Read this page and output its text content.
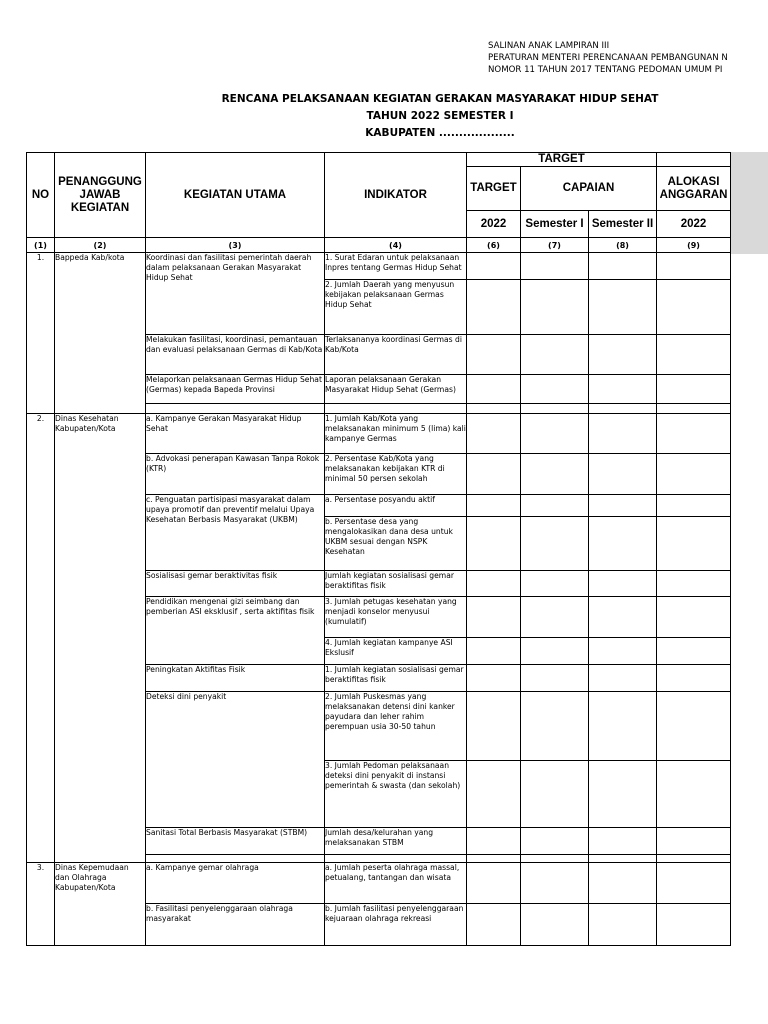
SALINAN ANAK LAMPIRAN III
PERATURAN MENTERI PERENCANAAN PEMBANGUNAN N
NOMOR 11 TAHUN 2017 TENTANG PEDOMAN UMUM PI
RENCANA PELAKSANAAN KEGIATAN GERAKAN MASYARAKAT HIDUP SEHAT
TAHUN 2022 SEMESTER I
KABUPATEN ...................
NO	PENANGGUNG JAWAB KEGIATAN	KEGIATAN UTAMA	INDIKATOR	TARGET			
				TARGET	CAPAIAN		ALOKASI ANGGARAN
				2022	Semester I	Semester II	2022
(1)	(2)	(3)	(4)	(6)	(7)	(8)	(9)
1.	Bappeda Kab/kota	Koordinasi dan fasilitasi pemerintah daerah dalam pelaksanaan Gerakan Masyarakat Hidup Sehat	1. Surat Edaran untuk pelaksanaan Inpres tentang Germas Hidup Sehat				
			2. Jumlah Daerah yang menyusun kebijakan pelaksanaan Germas Hidup Sehat				
		Melakukan fasilitasi, koordinasi, pemantauan dan evaluasi pelaksanaan Germas di Kab/Kota	Terlaksananya koordinasi Germas di Kab/Kota				
		Melaporkan pelaksanaan Germas Hidup Sehat (Germas) kepada Bapeda Provinsi	Laporan pelaksanaan Gerakan Masyarakat Hidup Sehat (Germas)				

2.	Dinas Kesehatan Kabupaten/Kota	a. Kampanye Gerakan Masyarakat Hidup Sehat	1. Jumlah Kab/Kota yang melaksanakan minimum 5 (lima) kali kampanye Germas				
		b. Advokasi penerapan Kawasan Tanpa Rokok (KTR)	2. Persentase Kab/Kota yang melaksanakan kebijakan KTR di minimal 50 persen sekolah				
		c. Penguatan partisipasi masyarakat dalam upaya promotif dan preventif melalui Upaya Kesehatan Berbasis Masyarakat (UKBM)	a. Persentase posyandu aktif				
			b. Persentase desa yang mengalokasikan dana desa untuk UKBM sesuai dengan NSPK Kesehatan				
		Sosialisasi gemar beraktivitas fisik	Jumlah kegiatan sosialisasi gemar beraktifitas fisik				
		Pendidikan mengenai gizi seimbang dan pemberian ASI eksklusif , serta aktifitas fisik	3. Jumlah petugas kesehatan yang menjadi konselor menyusui (kumulatif)				
			4. Jumlah kegiatan kampanye ASI Ekslusif				
		Peningkatan Aktifitas Fisik	1. Jumlah kegiatan sosialisasi gemar beraktifitas fisik				
		Deteksi dini penyakit	2. Jumlah Puskesmas yang melaksanakan detensi dini kanker payudara dan leher rahim perempuan usia 30-50 tahun				
			3. Jumlah Pedoman pelaksanaan deteksi dini penyakit di instansi pemerintah & swasta (dan sekolah)				
		Sanitasi Total Berbasis Masyarakat (STBM)	Jumlah desa/kelurahan yang melaksanakan STBM				

3.	Dinas Kepemudaan dan Olahraga Kabupaten/Kota	a. Kampanye gemar olahraga	a. Jumlah peserta olahraga massal, petualang, tantangan dan wisata				
		b. Fasilitasi penyelenggaraan olahraga masyarakat	b. Jumlah fasilitasi penyelenggaraan kejuaraan olahraga rekreasi				
